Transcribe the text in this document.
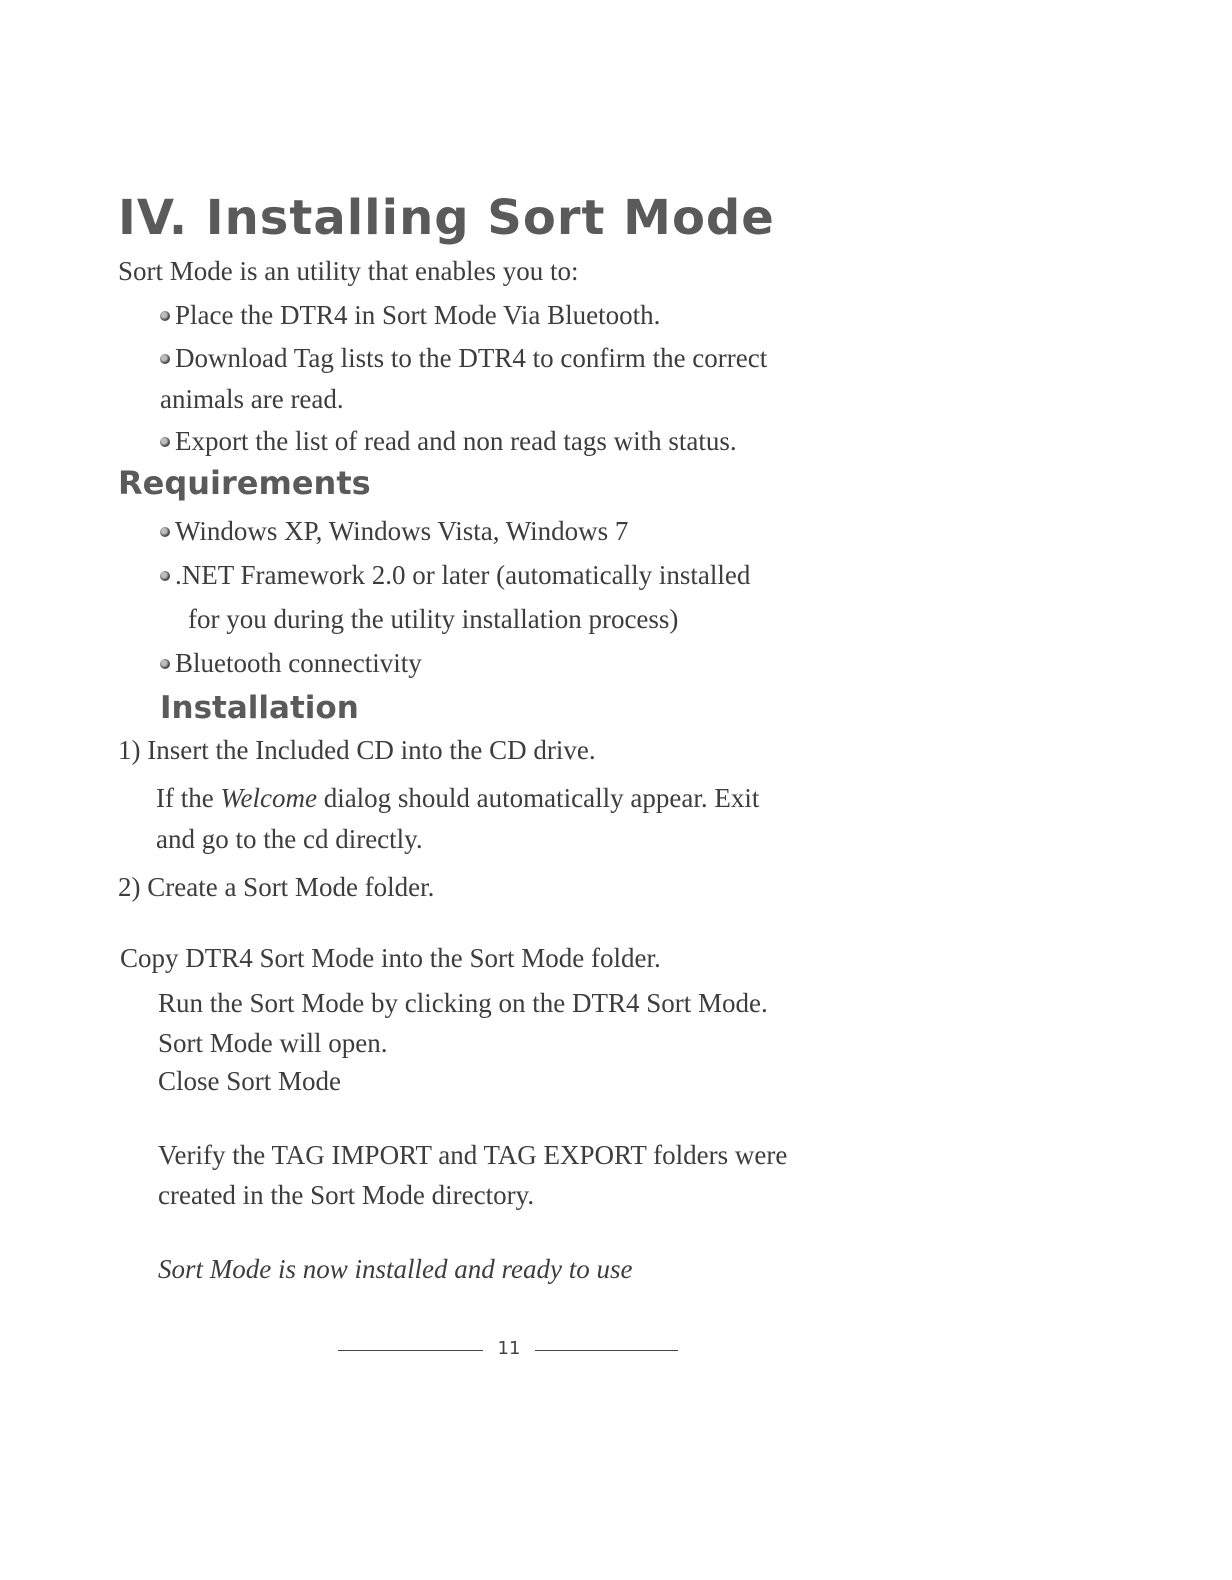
IV. Installing Sort Mode
Sort Mode is an utility that enables you to:
Place the DTR4 in Sort Mode Via Bluetooth.
Download Tag lists to the DTR4 to confirm the correct
animals are read.
Export the list of read and non read tags with status.
Requirements
Windows XP, Windows Vista, Windows 7
.NET Framework 2.0 or later (automatically installed
for you during the utility installation process)
Bluetooth connectivity
Installation
1) Insert the Included CD into the CD drive.
If the Welcome dialog should automatically appear. Exit
and go to the cd directly.
2) Create a Sort Mode folder.
Copy DTR4 Sort Mode into the Sort Mode folder.
Run the Sort Mode by clicking on the DTR4 Sort Mode.
Sort Mode will open.
Close Sort Mode
Verify the TAG IMPORT and TAG EXPORT folders were
created in the Sort Mode directory.
Sort Mode is now installed and ready to use
11
